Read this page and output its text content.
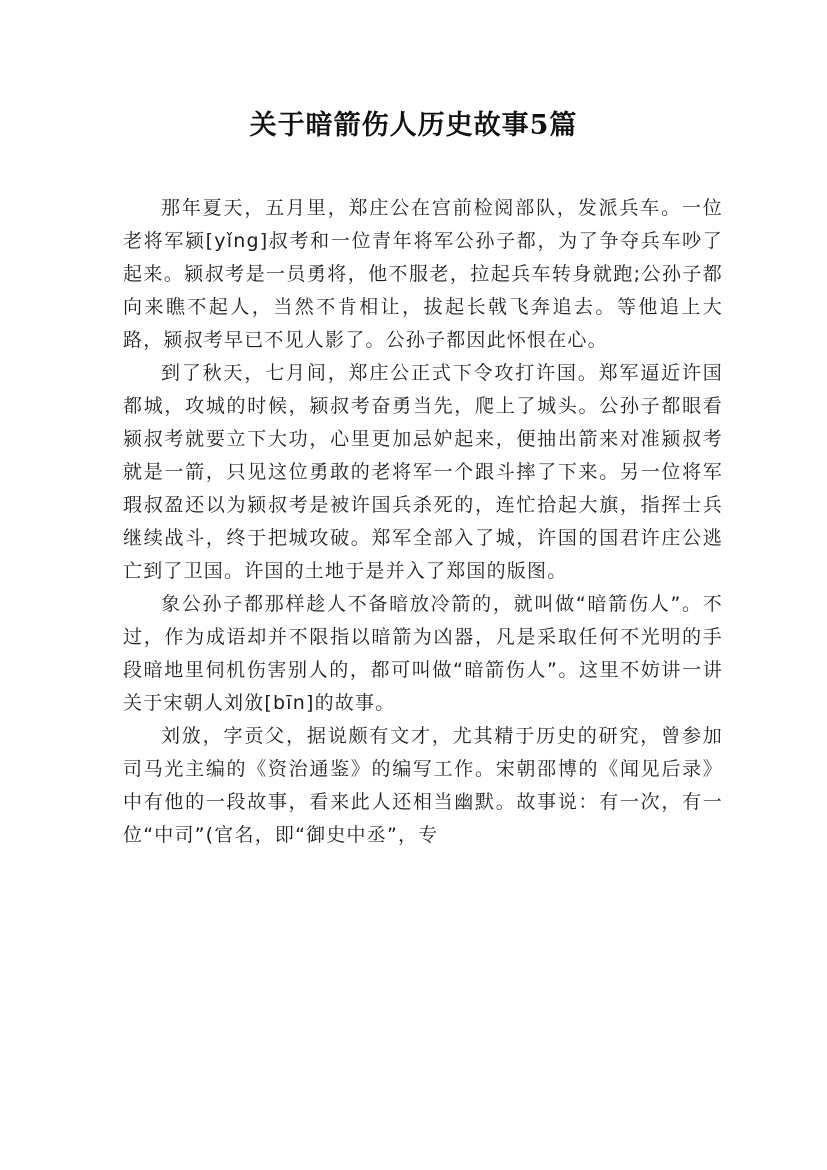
关于暗箭伤人历史故事5篇

那年夏天，五月里，郑庄公在宫前检阅部队，发派兵车。一位老将军颍[yǐng]叔考和一位青年将军公孙子都，为了争夺兵车吵了起来。颍叔考是一员勇将，他不服老，拉起兵车转身就跑;公孙子都向来瞧不起人，当然不肯相让，拔起长戟飞奔追去。等他追上大路，颍叔考早已不见人影了。公孙子都因此怀恨在心。

到了秋天，七月间，郑庄公正式下令攻打许国。郑军逼近许国都城，攻城的时候，颍叔考奋勇当先，爬上了城头。公孙子都眼看颍叔考就要立下大功，心里更加忌妒起来，便抽出箭来对准颍叔考就是一箭，只见这位勇敢的老将军一个跟斗摔了下来。另一位将军瑕叔盈还以为颍叔考是被许国兵杀死的，连忙拾起大旗，指挥士兵继续战斗，终于把城攻破。郑军全部入了城，许国的国君许庄公逃亡到了卫国。许国的土地于是并入了郑国的版图。

象公孙子都那样趁人不备暗放冷箭的，就叫做“暗箭伤人”。不过，作为成语却并不限指以暗箭为凶器，凡是采取任何不光明的手段暗地里伺机伤害别人的，都可叫做“暗箭伤人”。这里不妨讲一讲关于宋朝人刘攽[bīn]的故事。

刘攽，字贡父，据说颇有文才，尤其精于历史的研究，曾参加司马光主编的《资治通鉴》的编写工作。宋朝邵博的《闻见后录》中有他的一段故事，看来此人还相当幽默。故事说：有一次，有一位“中司”(官名，即“御史中丞”，专
